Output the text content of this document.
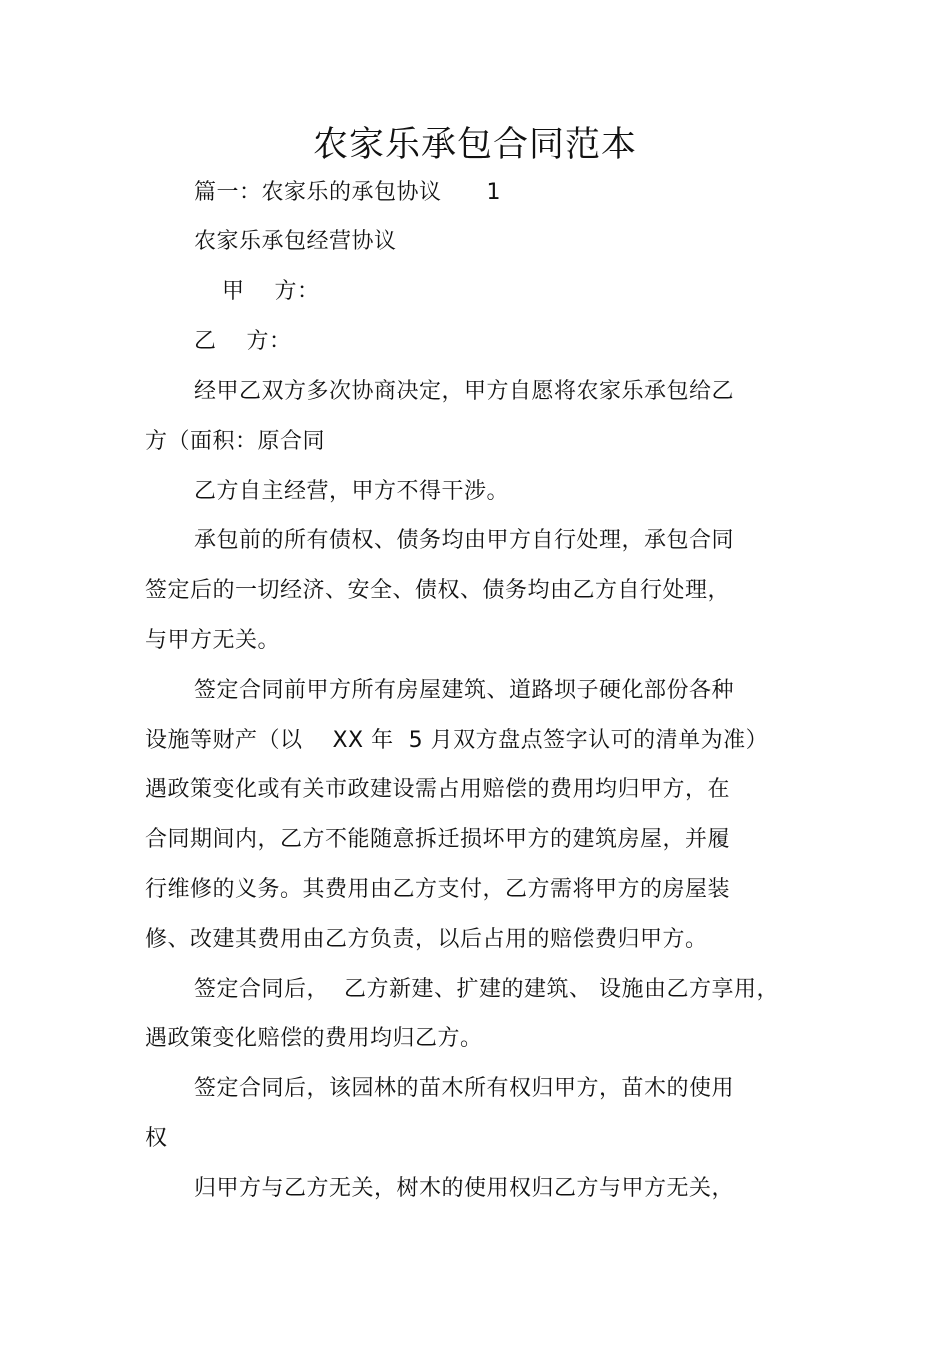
农家乐承包合同范本
篇一：农家乐的承包协议      1
农家乐承包经营协议
甲    方：
乙    方：
经甲乙双方多次协商决定，甲方自愿将农家乐承包给乙
方（面积：原合同
乙方自主经营，甲方不得干涉。
承包前的所有债权、债务均由甲方自行处理，承包合同
签定后的一切经济、安全、债权、债务均由乙方自行处理，
与甲方无关。
签定合同前甲方所有房屋建筑、道路坝子硬化部份各种
设施等财产（以    XX 年  5 月双方盘点签字认可的清单为准）
遇政策变化或有关市政建设需占用赔偿的费用均归甲方，在
合同期间内，乙方不能随意拆迁损坏甲方的建筑房屋，并履
行维修的义务。其费用由乙方支付，乙方需将甲方的房屋装
修、改建其费用由乙方负责，以后占用的赔偿费归甲方。
签定合同后，  乙方新建、扩建的建筑、 设施由乙方享用，
遇政策变化赔偿的费用均归乙方。
签定合同后，该园林的苗木所有权归甲方，苗木的使用
权
归甲方与乙方无关，树木的使用权归乙方与甲方无关，
